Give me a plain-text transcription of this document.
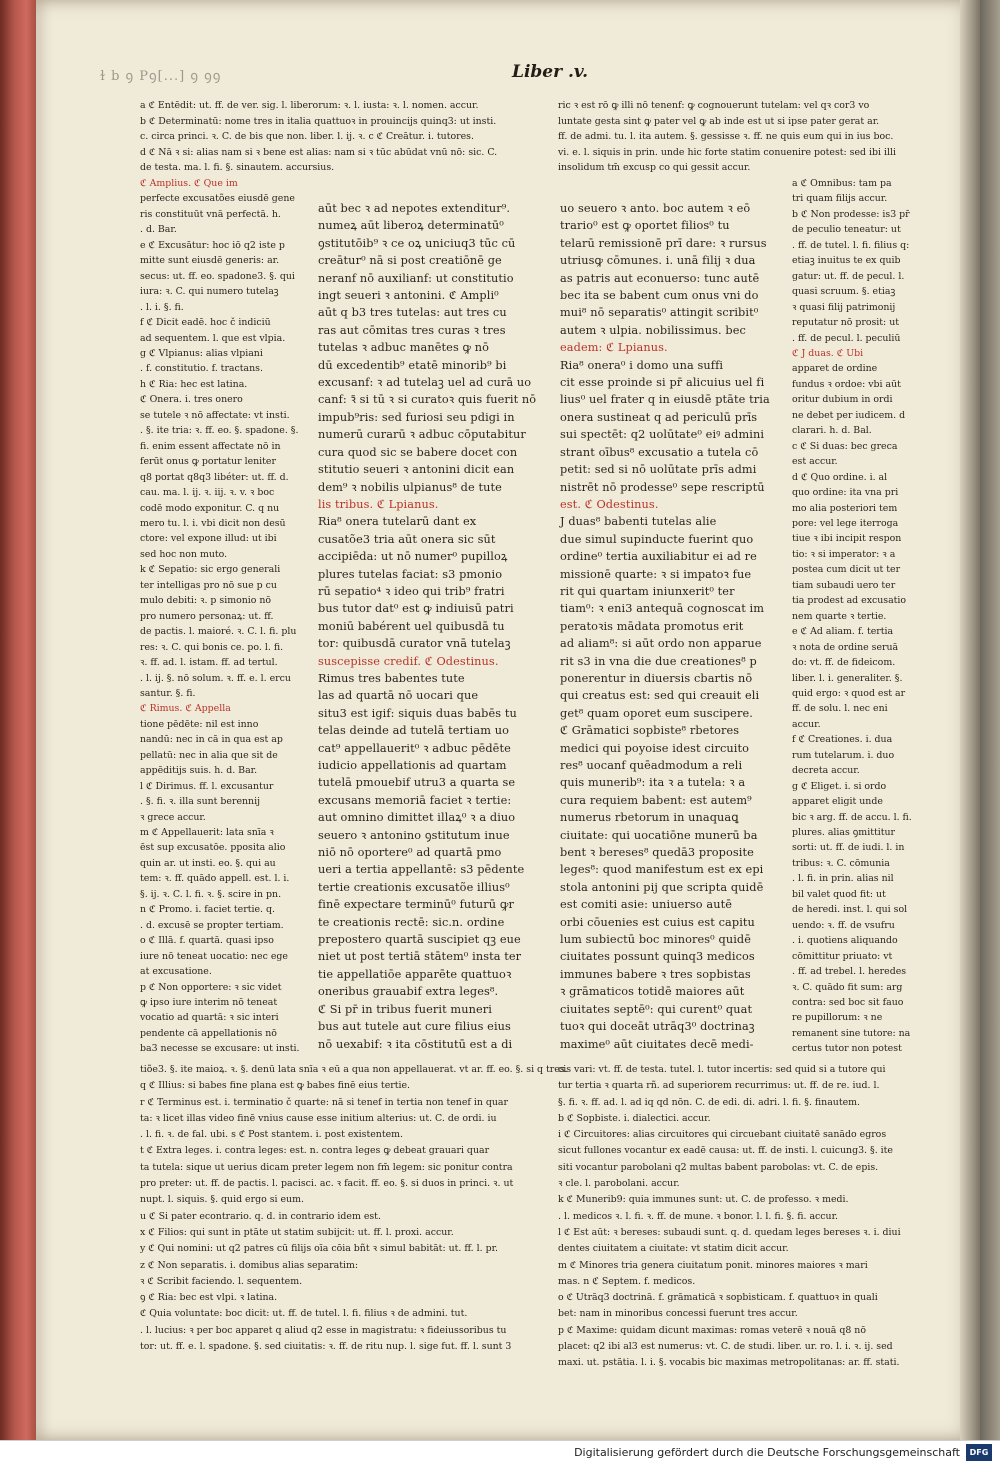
ɫ b ꝯ Pꝯ[...] ꝯ ꝯꝯ	Liber .v.

a ℭ Entēdit: ut. ff. de ver. sig. l. liberorum: ꝛ. l. iusta: ꝛ. l. nomen. accur.

b ℭ Determinatū: nome tres in italia quattuoꝛ in prouincijs quinq3: ut insti.

c. circa princi. ꝛ. C. de bis que non. liber. l. ij. ꝛ. c ℭ Creātur. i. tutores.

d ℭ Nā ꝛ si: alias nam si ꝛ bene est alias: nam si ꝛ tūc abūdat vnū nō: sic. C.

de testa. ma. l. fi. §. sinautem. accursius.

ric ꝛ est rō ꝙ illi nō tenenf: ꝙ cognouerunt tutelam: vel qꝛ cor3 vo

luntate gesta sint ꝙ pater vel ꝙ ab inde est ut si ipse pater gerat ar.

ff. de admi. tu. l. ita autem. §. gessisse ꝛ. ff. ne quis eum qui in ius boc.

vi. e. l. siquis in prin. unde hic forte statim conuenire potest: sed ibi illi

insolidum tm̄ excusp co qui gessit accur.

ℭ Amplius. ℭ Que im

perfecte excusatões eiusdē gene

ris constituūt vnā perfectā. h.

. d. Bar.

e ℭ Excusātur: hoc iō q2 iste p

mitte sunt eiusdē generis: ar.

secus: ut. ff. eo. spadone3. §. qui

iura: ꝛ. C. qui numero tutelaꝫ

. l. i. §. fi.

f ℭ Dicit eadē. hoc č indiciū

ad sequentem. l. que est vlpia.

g ℭ Vlpianus: alias vlpiani

. f. constitutio. f. tractans.

h ℭ Ria: hec est latina.

ℭ Onera. i. tres onero

se tutele ꝛ nō affectate: vt insti.

. §. ite tria: ꝛ. ff. eo. §. spadone. §.

fi. enim essent affectate nō in

ferūt onus ꝙ portatur leniter

q8 portat q8q3 libéter: ut. ff. d.

cau. ma. l. ij. ꝛ. iij. ꝛ. v. ꝛ boc

codē modo exponitur. C. q nu

mero tu. l. i. vbi dicit non desū

ctore: vel expone illud: ut ibi

sed hoc non muto.

k ℭ Sepatio: sic ergo generali

ter intelligas pro nō sue p cu

mulo debiti: ꝛ. p simonio nō

pro numero personaꝝ: ut. ff.

de pactis. l. maioré. ꝛ. C. l. fi. plu

res: ꝛ. C. qui bonis ce. po. l. fi.

ꝛ. ff. ad. l. istam. ff. ad tertul.

. l. ij. §. nō solum. ꝛ. ff. e. l. ercu

santur. §. fi.

ℭ Rimus. ℭ Appella

tione pēdēte: nil est inno

nandū: nec in cā in qua est ap

pellatū: nec in alia que sit de

appēditijs suis. h. d. Bar.

l ℭ Dirimus. ff. l. excusantur

. §. fi. ꝛ. illa sunt berennij

ꝛ grece accur.

m ℭ Appellauerit: lata snīa ꝛ

ēst sup excusatōe. pposita alio

quin ar. ut insti. eo. §. qui au

tem: ꝛ. ff. quādo appell. est. l. i.

§. ij. ꝛ. C. l. fi. ꝛ. §. scire in pn.

n ℭ Promo. i. faciet tertie. q.

. d. excusē se propter tertiam.

o ℭ Illā. f. quartā. quasi ipso

iure nō teneat uocatio: nec ege

at excusatione.

p ℭ Non opportere: ꝛ sic videt

ꝙ ipso iure interim nō teneat

vocatio ad quartā: ꝛ sic interi

pendente cā appellationis nō

ba3 necesse se excusare: ut insti.

aūt bec ꝛ ad nepotes extenditur⁹.

numeꝝ aūt liberoꝝ determinatū⁰

ꝯstitutōib⁹ ꝛ ce oꝝ uniciuq3 tūc cū

creātur⁰ nā si post creatiōnē ge

neranf nō auxilianf: ut constitutio

ingt seueri ꝛ antonini. ℭ Ampli⁰

aūt q b3 tres tutelas: aut tres cu

ras aut cōmitas tres curas ꝛ tres

tutelas ꝛ adbuc manētes ꝙ nō

dū excedentib⁹ etatē minorib⁹ bi

excusanf: ꝛ ad tutelaꝫ uel ad curā uo

canf: ꝛ̄ si tū ꝛ si curatoꝛ quis fuerit nō

impub⁹ris: sed furiosi seu pdigi in

numerū curarū ꝛ adbuc cōputabitur

cura quod sic se babere docet con

stitutio seueri ꝛ antonini dicit ean

dem⁹ ꝛ nobilis ulpianus⁸ de tute

lis tribus. ℭ Lpianus.

Ria⁸ onera tutelarū dant ex

cusatõe3 tria aūt onera sic sūt

accipiēda: ut nō numer⁰ pupilloꝝ

plures tutelas faciat: s3 pmonio

rū sepatio⁴ ꝛ ideo qui trib⁹ fratri

bus tutor dat⁰ est ꝙ indiuisū patri

moniū babérent uel quibusdā tu

tor: quibusdā curator vnā tutelaꝫ

suscepisse credif. ℭ Odestinus.

Rimus tres babentes tute

las ad quartā nō uocari que

situ3 est igif: siquis duas babēs tu

telas deinde ad tutelā tertiam uo

cat⁹ appellauerit⁰ ꝛ adbuc pēdēte

iudicio appellationis ad quartam

tutelā pmouebif utru3 a quarta se

excusans memoriā faciet ꝛ tertie:

aut omnino dimittet illaꝝ⁰ ꝛ a diuo

seuero ꝛ antonino ꝯstitutum inue

niō nō oportere⁰ ad quartā pmo

ueri a tertia appellantē: s3 pēdente

tertie creationis excusatõe illius⁰

finē expectare terminū⁰ futurū ꝙr

te creationis rectē: sic.n. ordine

prepostero quartā suscipiet qꝫ eue

niet ut post tertiā stātem⁰ insta ter

tie appellatiōe apparēte quattuoꝛ

oneribus grauabif extra leges⁸.

ℭ Si pr̄ in tribus fuerit muneri

bus aut tutele aut cure filius eius

nō uexabif: ꝛ ita cōstitutū est a di

uo seuero ꝛ anto. boc autem ꝛ eō

trario⁰ est ꝙ oportet filios⁰ tu

telarū remissionē prī dare: ꝛ rursus

utriusꝙ cōmunes. i. unā filij ꝛ dua

as patris aut econuerso: tunc autē

bec ita se babent cum onus vni do

mui⁸ nō separatis⁰ attingit scribit⁰

autem ꝛ ulpia. nobilissimus. bec

eadem: ℭ Lpianus.

Ria⁸ onera⁰ i domo una suffi

cit esse proinde si pr̄ alicuius uel fi

lius⁰ uel frater q in eiusdē ptāte tria

onera sustineat q ad periculū prīs

sui spectēt: q2 uolūtate⁰ eiꝰ admini

strant oībus⁸ excusatio a tutela cō

petit: sed si nō uolūtate prīs admi

nistrēt nō prodesse⁰ sepe rescriptū

est. ℭ Odestinus.

J duas⁸ babenti tutelas alie

due simul supinducte fuerint quo

ordine⁰ tertia auxiliabitur ei ad re

missionē quarte: ꝛ si impatoꝛ fue

rit qui quartam iniunxerit⁰ ter

tiam⁰: ꝛ eni3 antequā cognoscat im

peratoꝛis mādata promotus erit

ad aliam⁸: si aūt ordo non apparue

rit s3 in vna die due creationes⁸ p

ponerentur in diuersis cbartis nō

qui creatus est: sed qui creauit eli

get⁸ quam oporet eum suscipere.

ℭ Grāmatici sopbiste⁸ rbetores

medici qui poyoise idest circuito

res⁸ uocanf quēadmodum a reli

quis munerib⁹: ita ꝛ a tutela: ꝛ a

cura requiem babent: est autem⁹

numerus rbetorum in unaquaꝗ

ciuitate: qui uocatiōne munerū ba

bent ꝛ bereses⁸ quedā3 proposite

leges⁸: quod manifestum est ex epi

stola antonini pij que scripta quidē

est comiti asie: uniuerso autē

orbi cōuenies est cuius est capitu

lum subiectū boc minores⁰ quidē

ciuitates possunt quinq3 medicos

immunes babere ꝛ tres sopbistas

ꝛ grāmaticos totidē maiores aūt

ciuitates septē⁰: qui curent⁰ quat

tuoꝛ qui doceāt utrāq3⁰ doctrinaꝫ

maxime⁰ aūt ciuitates decē medi-

a ℭ Omnibus: tam pa

tri quam filijs accur.

b ℭ Non prodesse: is3 pr̄

de peculio teneatur: ut

. ff. de tutel. l. fi. filius q:

etiaꝫ inuitus te ex quib

gatur: ut. ff. de pecul. l.

quasi scruum. §. etiaꝫ

ꝛ quasi filij patrimonij

reputatur nō prosit: ut

. ff. de pecul. l. peculiū

ℭ J duas. ℭ Ubi

apparet de ordine

fundus ꝛ ordoe: vbi aūt

oritur dubium in ordi

ne debet per iudicem. d

clarari. h. d. Bal.

c ℭ Si duas: bec greca

est accur.

d ℭ Quo ordine. i. al

quo ordine: ita vna pri

mo alia posteriori tem

pore: vel lege iterroga

tiue ꝛ ibi incipit respon

tio: ꝛ si imperator: ꝛ a

postea cum dicit ut ter

tiam subaudi uero ter

tia prodest ad excusatio

nem quarte ꝛ tertie.

e ℭ Ad aliam. f. tertia

ꝛ nota de ordine seruā

do: vt. ff. de fideicom.

liber. l. i. generaliter. §.

quid ergo: ꝛ quod est ar

ff. de solu. l. nec eni

accur.

f ℭ Creationes. i. dua

rum tutelarum. i. duo

decreta accur.

g ℭ Eliget. i. si ordo

apparet eligit unde

bic ꝛ arg. ff. de accu. l. fi.

plures. alias ꝯmittitur

sorti: ut. ff. de iudi. l. in

tribus: ꝛ. C. cōmunia

. l. fi. in prin. alias nil

bil valet quod fit: ut

de heredi. inst. l. qui sol

uendo: ꝛ. ff. de vsufru

. i. quotiens aliquando

cōmittitur priuato: vt

. ff. ad trebel. l. heredes

ꝛ. C. quādo fit sum: arg

contra: sed boc sit fauo

re pupillorum: ꝛ ne

remanent sine tutore: na

certus tutor non potest

tiõe3. §. ite maioꝝ. ꝛ. §. denū lata snīa ꝛ eū a qua non appellauerat. vt ar. ff. eo. §. si q tres.

q ℭ Illius: si babes fine plana est ꝙ babes finē eius tertie.

r ℭ Terminus est. i. terminatio č quarte: nā si tenef in tertia non tenef in quar

ta: ꝛ licet illas video finē vnius cause esse initium alterius: ut. C. de ordi. iu

. l. fi. ꝛ. de fal. ubi. s ℭ Post stantem. i. post existentem.

t ℭ Extra leges. i. contra leges: est. n. contra leges ꝙ debeat grauari quar

ta tutela: sique ut uerius dicam preter legem non fm̄ legem: sic ponitur contra

pro preter: ut. ff. de pactis. l. pacisci. ac. ꝛ facit. ff. eo. §. si duos in princi. ꝛ. ut

nupt. l. siquis. §. quid ergo si eum.

u ℭ Si pater econtrario. q. d. in contrario idem est.

x ℭ Filios: qui sunt in ptāte ut statim subijcit: ut. ff. l. proxi. accur.

y ℭ Qui nomini: ut q2 patres cū filijs oīa cōia bñt ꝛ simul babitāt: ut. ff. l. pr.

z ℭ Non separatis. i. domibus alias separatim:

ꝛ ℭ Scribit faciendo. l. sequentem.

ꝯ ℭ Ria: bec est vlpi. ꝛ latina.

ℭ Quia voluntate: boc dicit: ut. ff. de tutel. l. fi. filius ꝛ de admini. tut.

. l. lucius: ꝛ per boc apparet q aliud q2 esse in magistratu: ꝛ fideiussoribus tu

tor: ut. ff. e. l. spadone. §. sed ciuitatis: ꝛ. ff. de ritu nup. l. sige fut. ff. l. sunt 3

cis vari: vt. ff. de testa. tutel. l. tutor incertis: sed quid si a tutore qui

tur tertia ꝛ quarta rñ. ad superiorem recurrimus: ut. ff. de re. iud. l.

§. fi. ꝛ. ff. ad. l. ad iq qd nōn. C. de edi. di. adri. l. fi. §. finautem.

b ℭ Sopbiste. i. dialectici. accur.

i ℭ Circuitores: alias circuitores qui circuebant ciuitatē sanādo egros

sicut fullones vocantur ex eadē causa: ut. ff. de insti. l. cuicung3. §. ite

siti vocantur parobolani q2 multas babent parobolas: vt. C. de epis.

ꝛ cle. l. parobolani. accur.

k ℭ Munerib9: quia immunes sunt: ut. C. de professo. ꝛ medi.

. l. medicos ꝛ. l. fi. ꝛ. ff. de mune. ꝛ bonor. l. l. fi. §. fi. accur.

l ℭ Est aūt: ꝛ bereses: subaudi sunt. q. d. quedam leges bereses ꝛ. i. diui

dentes ciuitatem a ciuitate: vt statim dicit accur.

m ℭ Minores tria genera ciuitatum ponit. minores maiores ꝛ mari

mas. n ℭ Septem. f. medicos.

o ℭ Utrāq3 doctrinā. f. grāmaticā ꝛ sopbisticam. f. quattuoꝛ in quali

bet: nam in minoribus concessi fuerunt tres accur.

p ℭ Maxime: quidam dicunt maximas: romas veterē ꝛ nouā q8 nō

placet: q2 ibi al3 est numerus: vt. C. de studi. liber. ur. ro. l. i. ꝛ. ij. sed

maxi. ut. pstātia. l. i. §. vocabis bic maximas metropolitanas: ar. ff. stati.

Digitalisierung gefördert durch die Deutsche Forschungsgemeinschaft	DFG
